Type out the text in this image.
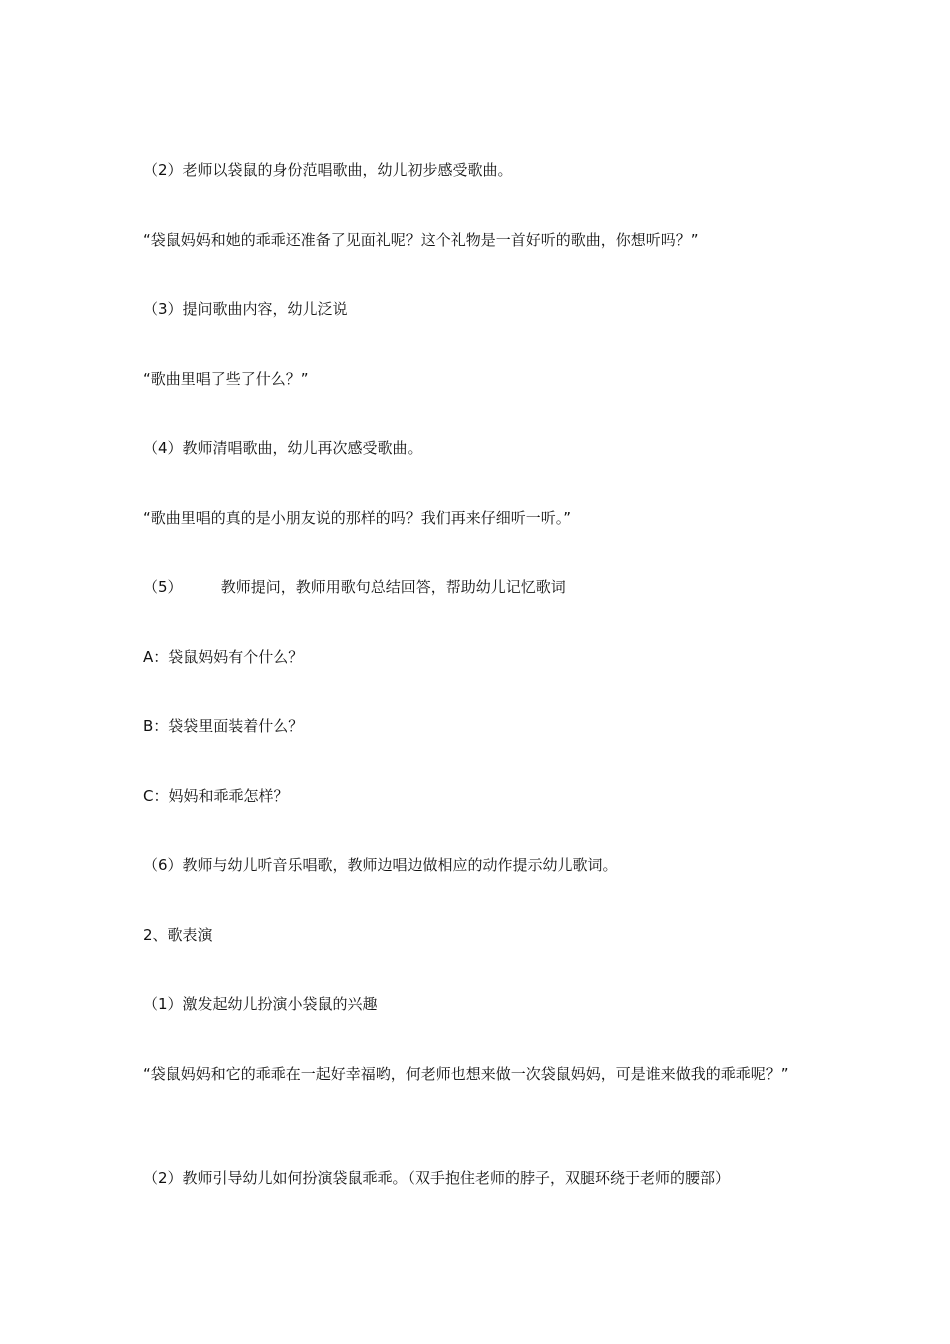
（2）老师以袋鼠的身份范唱歌曲，幼儿初步感受歌曲。

“袋鼠妈妈和她的乖乖还准备了见面礼呢？这个礼物是一首好听的歌曲，你想听吗？”

（3）提问歌曲内容，幼儿泛说

“歌曲里唱了些了什么？”

（4）教师清唱歌曲，幼儿再次感受歌曲。

“歌曲里唱的真的是小朋友说的那样的吗？我们再来仔细听一听。”

（5）        教师提问，教师用歌句总结回答，帮助幼儿记忆歌词

A：袋鼠妈妈有个什么？

B：袋袋里面装着什么？

C：妈妈和乖乖怎样？

（6）教师与幼儿听音乐唱歌，教师边唱边做相应的动作提示幼儿歌词。

2、歌表演

（1）激发起幼儿扮演小袋鼠的兴趣

“袋鼠妈妈和它的乖乖在一起好幸福哟，何老师也想来做一次袋鼠妈妈，可是谁来做我的乖乖呢？”

（2）教师引导幼儿如何扮演袋鼠乖乖。（双手抱住老师的脖子，双腿环绕于老师的腰部）
